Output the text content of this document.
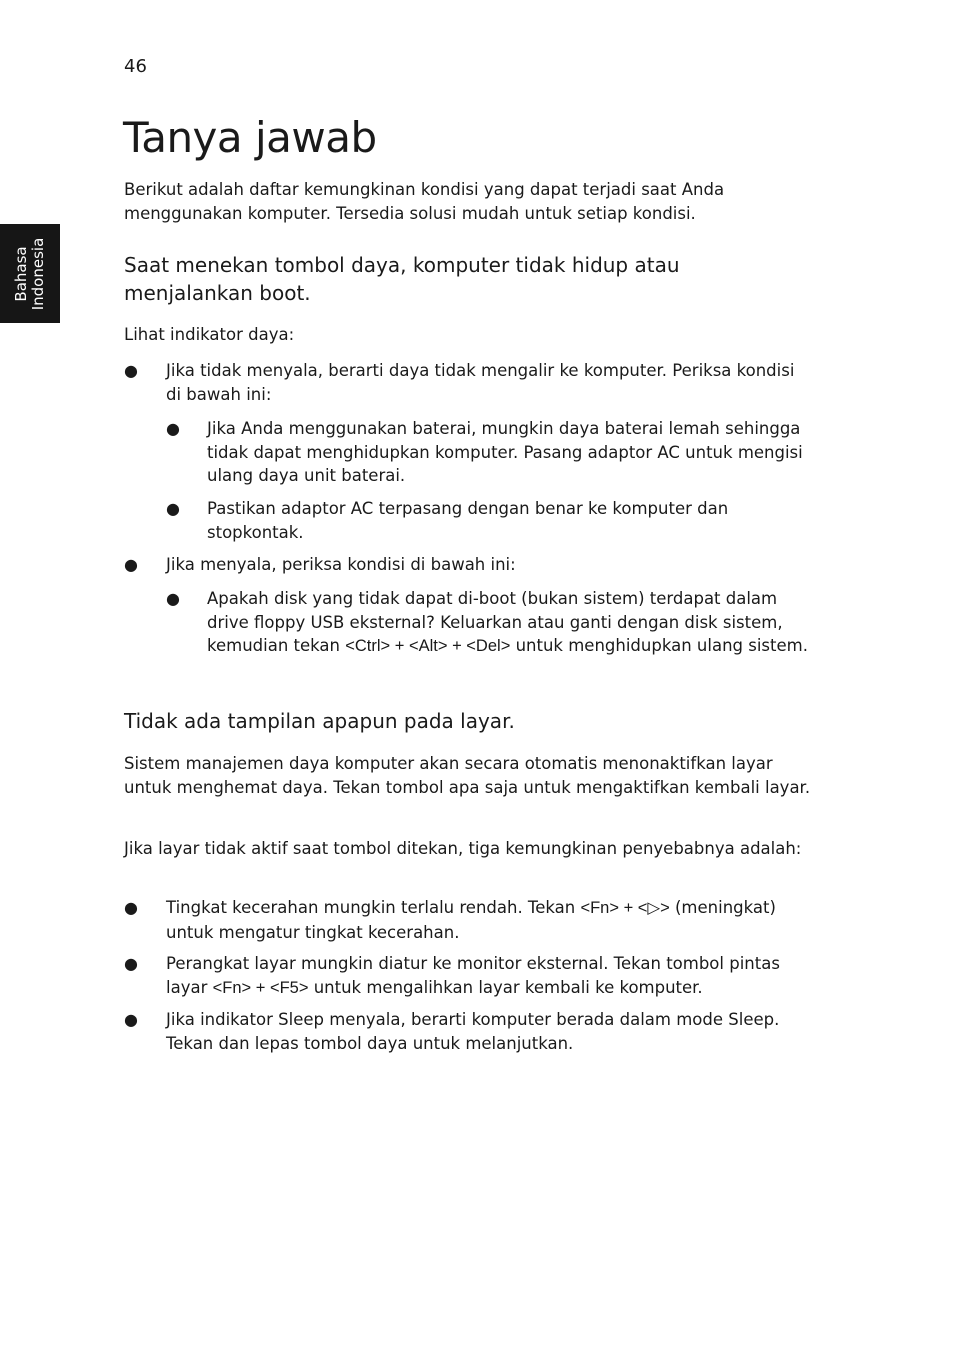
46
Bahasa Indonesia
Tanya jawab

Berikut adalah daftar kemungkinan kondisi yang dapat terjadi saat Anda menggunakan komputer. Tersedia solusi mudah untuk setiap kondisi.

Saat menekan tombol daya, komputer tidak hidup atau
menjalankan boot.

Lihat indikator daya:

● Jika tidak menyala, berarti daya tidak mengalir ke komputer. Periksa kondisi di bawah ini:

● Jika Anda menggunakan baterai, mungkin daya baterai lemah sehingga tidak dapat menghidupkan komputer. Pasang adaptor AC untuk mengisi ulang daya unit baterai.

● Pastikan adaptor AC terpasang dengan benar ke komputer dan stopkontak.

● Jika menyala, periksa kondisi di bawah ini:

● Apakah disk yang tidak dapat di-boot (bukan sistem) terdapat dalam drive floppy USB eksternal? Keluarkan atau ganti dengan disk sistem, kemudian tekan <Ctrl> + <Alt> + <Del> untuk menghidupkan ulang sistem.

Tidak ada tampilan apapun pada layar.

Sistem manajemen daya komputer akan secara otomatis menonaktifkan layar untuk menghemat daya. Tekan tombol apa saja untuk mengaktifkan kembali layar.

Jika layar tidak aktif saat tombol ditekan, tiga kemungkinan penyebabnya adalah:

● Tingkat kecerahan mungkin terlalu rendah. Tekan <Fn> + <▷> (meningkat) untuk mengatur tingkat kecerahan.

● Perangkat layar mungkin diatur ke monitor eksternal. Tekan tombol pintas layar <Fn> + <F5> untuk mengalihkan layar kembali ke komputer.

● Jika indikator Sleep menyala, berarti komputer berada dalam mode Sleep. Tekan dan lepas tombol daya untuk melanjutkan.
